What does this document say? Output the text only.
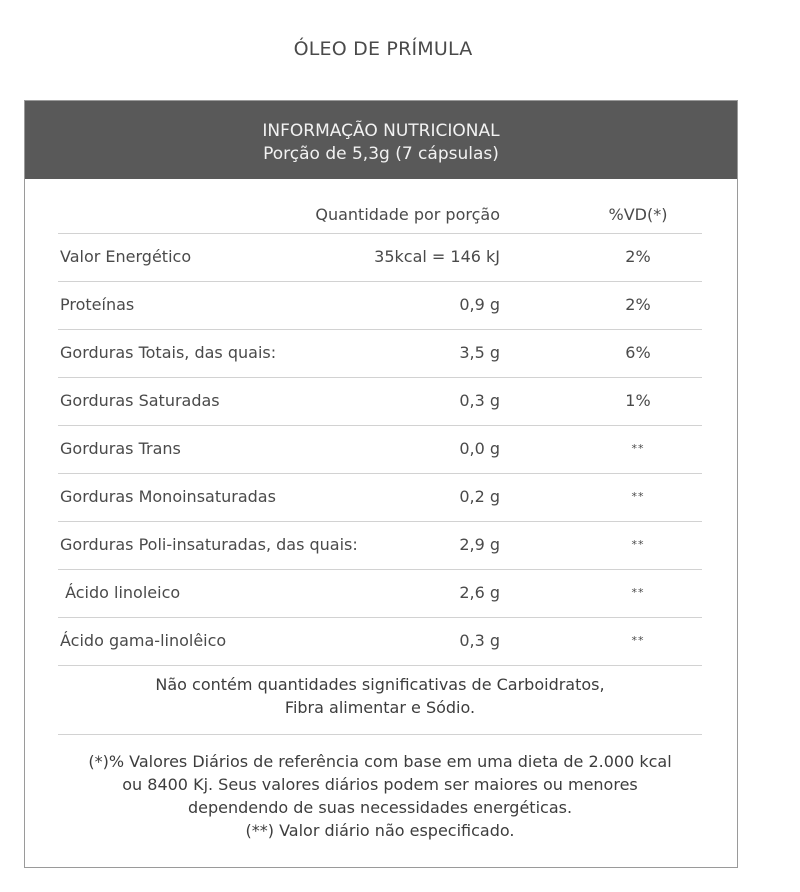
ÓLEO DE PRÍMULA
INFORMAÇÃO NUTRICIONAL
Porção de 5,3g (7 cápsulas)
Quantidade por porção	%VD(*)
Valor Energético	35kcal = 146 kJ	2%
Proteínas	0,9 g	2%
Gorduras Totais, das quais:	3,5 g	6%
Gorduras Saturadas	0,3 g	1%
Gorduras Trans	0,0 g	**
Gorduras Monoinsaturadas	0,2 g	**
Gorduras Poli-insaturadas, das quais:	2,9 g	**
Ácido linoleico	2,6 g	**
Ácido gama-linolêico	0,3 g	**
Não contém quantidades significativas de Carboidratos,
Fibra alimentar e Sódio.
(*)% Valores Diários de referência com base em uma dieta de 2.000 kcal
ou 8400 Kj. Seus valores diários podem ser maiores ou menores
dependendo de suas necessidades energéticas.
(**) Valor diário não especificado.
